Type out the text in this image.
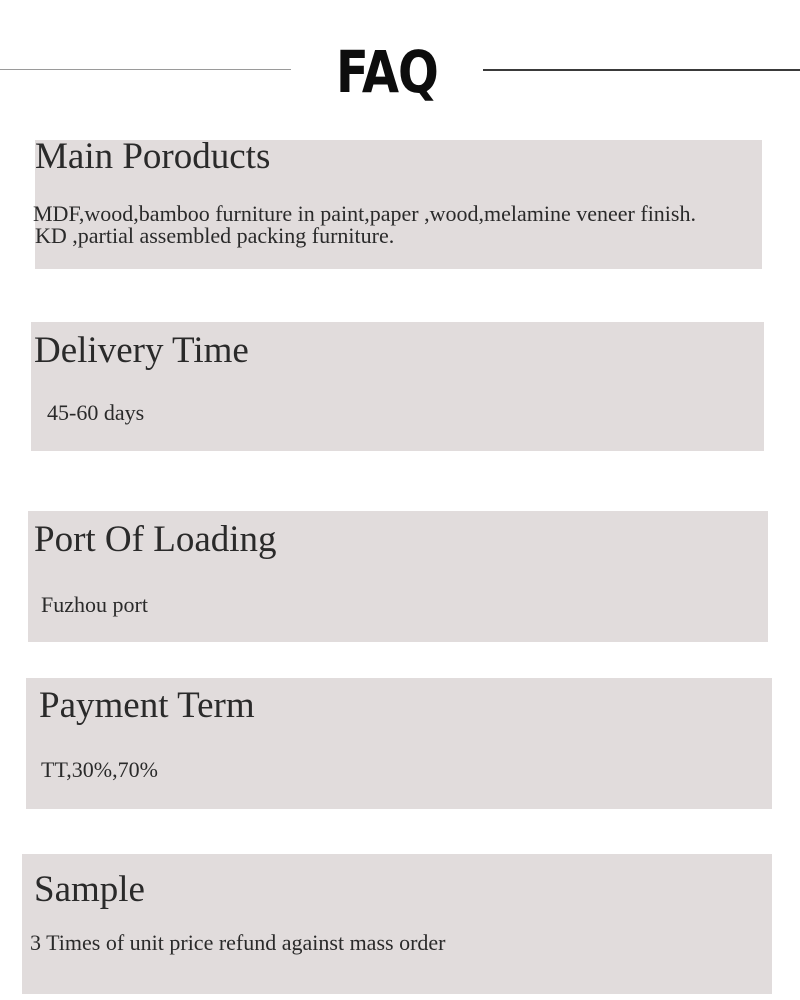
FAQ
Main Poroducts
MDF,wood,bamboo furniture in paint,paper ,wood,melamine veneer finish.
KD ,partial assembled packing furniture.
Delivery Time
45-60 days
Port Of Loading
Fuzhou port
Payment Term
TT,30%,70%
Sample
3 Times of unit price refund against mass order
